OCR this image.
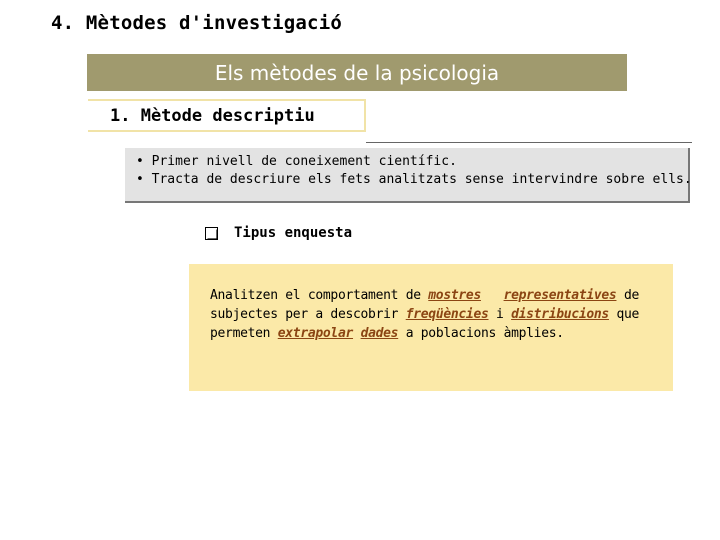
4. Mètodes d'investigació
Els mètodes de la psicologia
1. Mètode descriptiu
• Primer nivell de coneixement científic.
• Tracta de descriure els fets analitzats sense intervindre sobre ells.
Tipus enquesta
Analitzen el comportament de mostres representatives de subjectes per a descobrir freqüències i distribucions que permeten extrapolar dades a poblacions àmplies.
